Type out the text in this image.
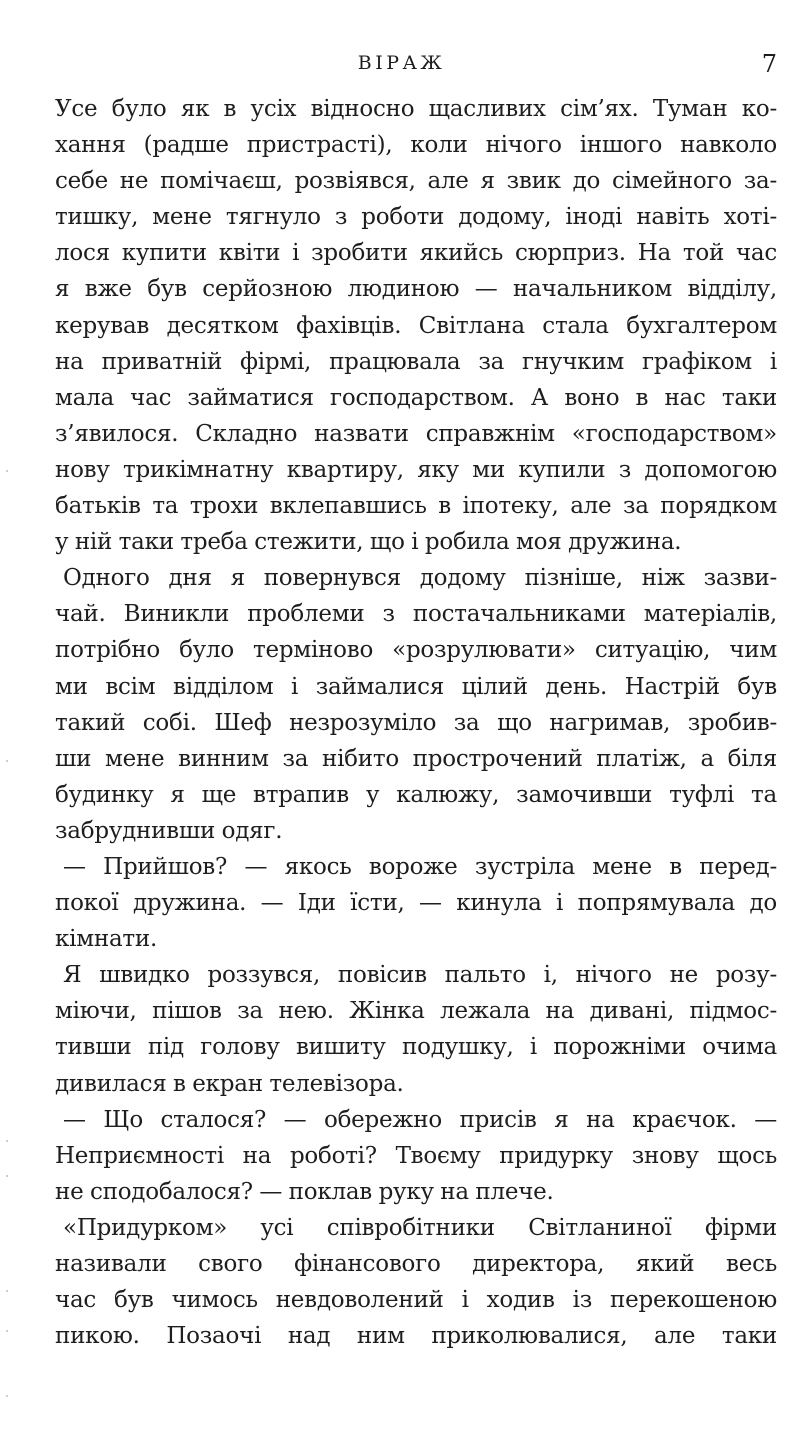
ВІРАЖ	7
Усе було як в усіх відносно щасливих сім’ях. Туман ко-
хання (радше пристрасті), коли нічого іншого навколо
себе не помічаєш, розвіявся, але я звик до сімейного за-
тишку, мене тягнуло з роботи додому, іноді навіть хоті-
лося купити квіти і зробити якийсь сюрприз. На той час
я вже був серйозною людиною — начальником відділу,
керував десятком фахівців. Світлана стала бухгалтером
на приватній фірмі, працювала за гнучким графіком і
мала час займатися господарством. А воно в нас таки
з’явилося. Складно назвати справжнім «господарством»
нову трикімнатну квартиру, яку ми купили з допомогою
батьків та трохи вклепавшись в іпотеку, але за порядком
у ній таки треба стежити, що і робила моя дружина.
Одного дня я повернувся додому пізніше, ніж зазви-
чай. Виникли проблеми з постачальниками матеріалів,
потрібно було терміново «розрулювати» ситуацію, чим
ми всім відділом і займалися цілий день. Настрій був
такий собі. Шеф незрозуміло за що нагримав, зробив-
ши мене винним за нібито прострочений платіж, а біля
будинку я ще втрапив у калюжу, замочивши туфлі та
забруднивши одяг.
— Прийшов? — якось вороже зустріла мене в перед-
покої дружина. — Іди їсти, — кинула і попрямувала до
кімнати.
Я швидко роззувся, повісив пальто і, нічого не розу-
міючи, пішов за нею. Жінка лежала на дивані, підмос-
тивши під голову вишиту подушку, і порожніми очима
дивилася в екран телевізора.
— Що сталося? — обережно присів я на краєчок. —
Неприємності на роботі? Твоєму придурку знову щось
не сподобалося? — поклав руку на плече.
«Придурком» усі співробітники Світланиної фірми
називали свого фінансового директора, який весь
час був чимось невдоволений і ходив із перекошеною
пикою. Позаочі над ним приколювалися, але таки
